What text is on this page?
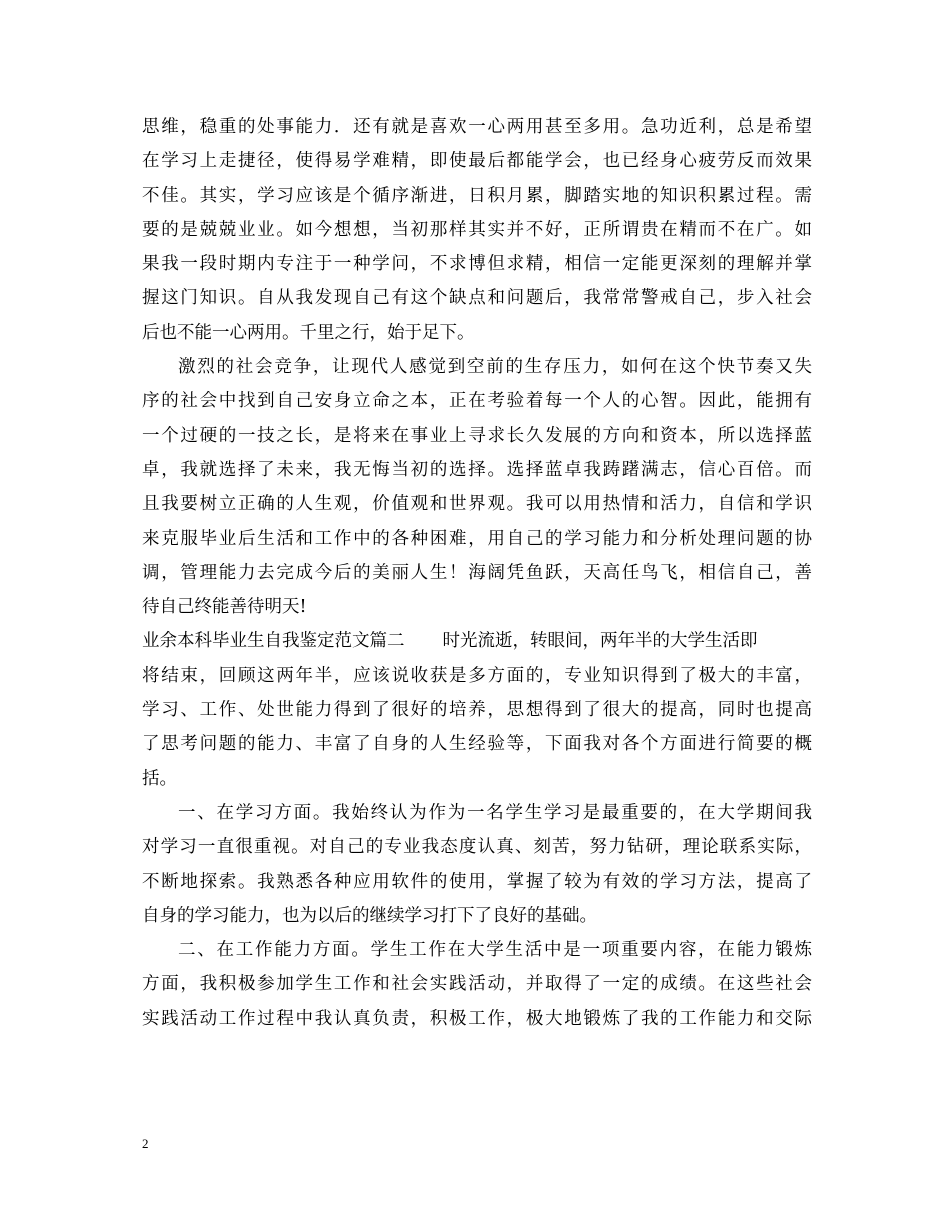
思维，稳重的处事能力．还有就是喜欢一心两用甚至多用。急功近利，总是希望
在学习上走捷径，使得易学难精，即使最后都能学会，也已经身心疲劳反而效果
不佳。其实，学习应该是个循序渐进，日积月累，脚踏实地的知识积累过程。需
要的是兢兢业业。如今想想，当初那样其实并不好，正所谓贵在精而不在广。如
果我一段时期内专注于一种学问，不求博但求精，相信一定能更深刻的理解并掌
握这门知识。自从我发现自己有这个缺点和问题后，我常常警戒自己，步入社会
后也不能一心两用。千里之行，始于足下。
激烈的社会竞争，让现代人感觉到空前的生存压力，如何在这个快节奏又失
序的社会中找到自己安身立命之本，正在考验着每一个人的心智。因此，能拥有
一个过硬的一技之长，是将来在事业上寻求长久发展的方向和资本，所以选择蓝
卓，我就选择了未来，我无悔当初的选择。选择蓝卓我踌躇满志，信心百倍。而
且我要树立正确的人生观，价值观和世界观。我可以用热情和活力，自信和学识
来克服毕业后生活和工作中的各种困难，用自己的学习能力和分析处理问题的协
调，管理能力去完成今后的美丽人生！海阔凭鱼跃，天高任鸟飞，相信自己，善
待自己终能善待明天!
业余本科毕业生自我鉴定范文篇二 时光流逝，转眼间，两年半的大学生活即
将结束，回顾这两年半，应该说收获是多方面的，专业知识得到了极大的丰富，
学习、工作、处世能力得到了很好的培养，思想得到了很大的提高，同时也提高
了思考问题的能力、丰富了自身的人生经验等，下面我对各个方面进行简要的概
括。
一、在学习方面。我始终认为作为一名学生学习是最重要的，在大学期间我
对学习一直很重视。对自己的专业我态度认真、刻苦，努力钻研，理论联系实际，
不断地探索。我熟悉各种应用软件的使用，掌握了较为有效的学习方法，提高了
自身的学习能力，也为以后的继续学习打下了良好的基础。
二、在工作能力方面。学生工作在大学生活中是一项重要内容，在能力锻炼
方面，我积极参加学生工作和社会实践活动，并取得了一定的成绩。在这些社会
实践活动工作过程中我认真负责，积极工作，极大地锻炼了我的工作能力和交际
2
